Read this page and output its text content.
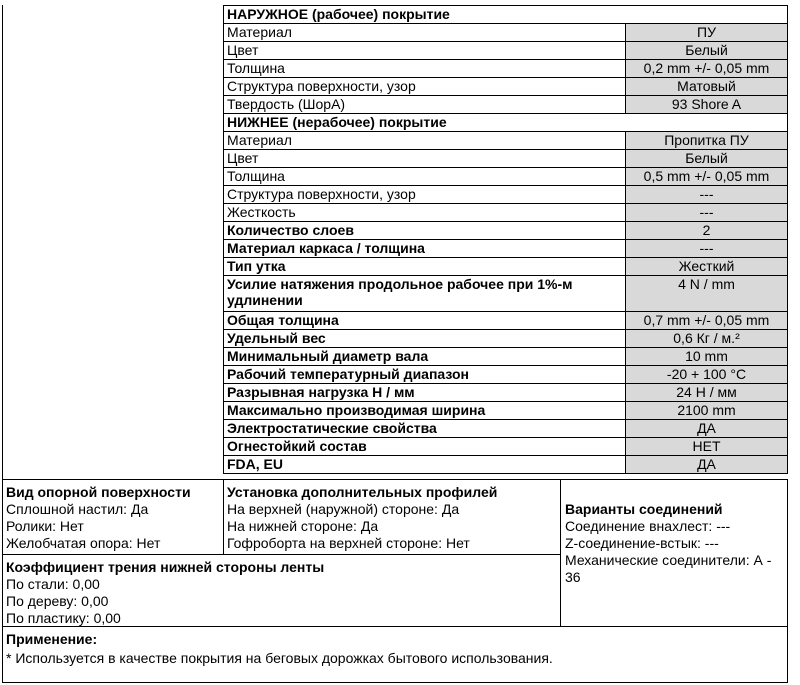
НАРУЖНОЕ (рабочее) покрытие	
Материал	ПУ
Цвет	Белый
Толщина	0,2 mm +/- 0,05 mm
Структура поверхности, узор	Матовый
Твердость (ШорА)	93 Shore A
НИЖНЕЕ (нерабочее) покрытие	
Материал	Пропитка ПУ
Цвет	Белый
Толщина	0,5 mm +/- 0,05 mm
Структура поверхности, узор	---
Жесткость	---
Количество слоев	2
Материал каркаса / толщина	---
Тип утка	Жесткий
Усилие натяжения продольное рабочее при 1%-м удлинении	4 N / mm
Общая толщина	0,7 mm +/- 0,05 mm
Удельный вес	0,6 Кг / м.²
Минимальный диаметр вала	10 mm
Рабочий температурный диапазон	-20 + 100 °C
Разрывная нагрузка Н / мм	24 Н / мм
Максимально производимая ширина	2100 mm
Электростатические свойства	ДА
Огнестойкий состав	НЕТ
FDA, EU	ДА
Вид опорной поверхности
Сплошной настил: Да
Ролики: Нет
Желобчатая опора: Нет
Установка дополнительных профилей
На верхней (наружной) стороне: Да
На нижней стороне: Да
Гофроборта на верхней стороне: Нет
Варианты соединений
Соединение внахлест: ---
Z-соединение-встык: ---
Механические соединители: А -
36
Коэффициент трения нижней стороны ленты
По стали: 0,00
По дереву: 0,00
По пластику: 0,00
Применение:
* Используется в качестве покрытия на беговых дорожках бытового использования.
